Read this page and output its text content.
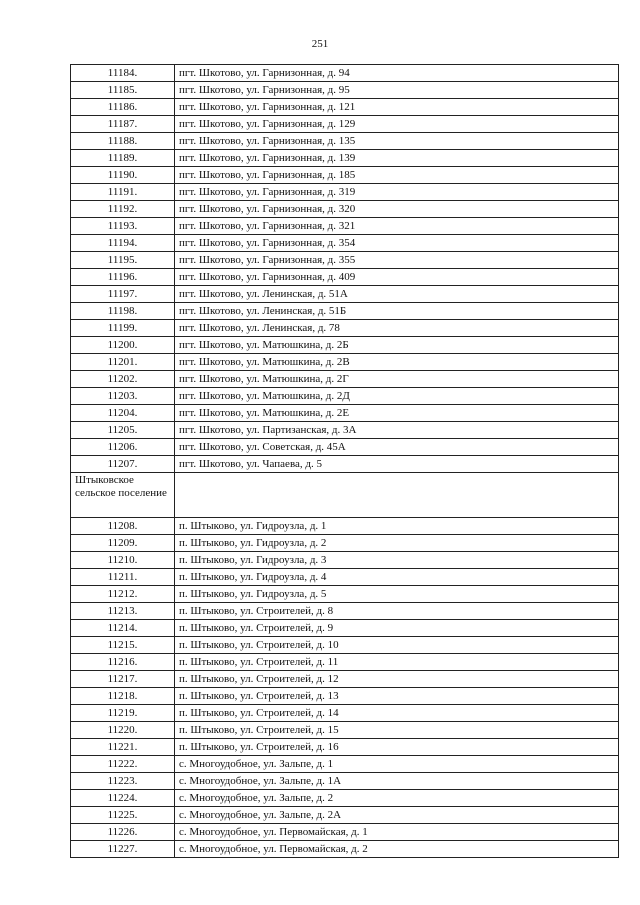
251
11184.	пгт. Шкотово, ул. Гарнизонная, д. 94
11185.	пгт. Шкотово, ул. Гарнизонная, д. 95
11186.	пгт. Шкотово, ул. Гарнизонная, д. 121
11187.	пгт. Шкотово, ул. Гарнизонная, д. 129
11188.	пгт. Шкотово, ул. Гарнизонная, д. 135
11189.	пгт. Шкотово, ул. Гарнизонная, д. 139
11190.	пгт. Шкотово, ул. Гарнизонная, д. 185
11191.	пгт. Шкотово, ул. Гарнизонная, д. 319
11192.	пгт. Шкотово, ул. Гарнизонная, д. 320
11193.	пгт. Шкотово, ул. Гарнизонная, д. 321
11194.	пгт. Шкотово, ул. Гарнизонная, д. 354
11195.	пгт. Шкотово, ул. Гарнизонная, д. 355
11196.	пгт. Шкотово, ул. Гарнизонная, д. 409
11197.	пгт. Шкотово, ул. Ленинская, д. 51А
11198.	пгт. Шкотово, ул. Ленинская, д. 51Б
11199.	пгт. Шкотово, ул. Ленинская, д. 78
11200.	пгт. Шкотово, ул. Матюшкина, д. 2Б
11201.	пгт. Шкотово, ул. Матюшкина, д. 2В
11202.	пгт. Шкотово, ул. Матюшкина, д. 2Г
11203.	пгт. Шкотово, ул. Матюшкина, д. 2Д
11204.	пгт. Шкотово, ул. Матюшкина, д. 2Е
11205.	пгт. Шкотово, ул. Партизанская, д. 3А
11206.	пгт. Шкотово, ул. Советская, д. 45А
11207.	пгт. Шкотово, ул. Чапаева, д. 5

Штыковское сельское поселение	

11208.	п. Штыково, ул. Гидроузла, д. 1
11209.	п. Штыково, ул. Гидроузла, д. 2
11210.	п. Штыково, ул. Гидроузла, д. 3
11211.	п. Штыково, ул. Гидроузла, д. 4
11212.	п. Штыково, ул. Гидроузла, д. 5
11213.	п. Штыково, ул. Строителей, д. 8
11214.	п. Штыково, ул. Строителей, д. 9
11215.	п. Штыково, ул. Строителей, д. 10
11216.	п. Штыково, ул. Строителей, д. 11
11217.	п. Штыково, ул. Строителей, д. 12
11218.	п. Штыково, ул. Строителей, д. 13
11219.	п. Штыково, ул. Строителей, д. 14
11220.	п. Штыково, ул. Строителей, д. 15
11221.	п. Штыково, ул. Строителей, д. 16
11222.	с. Многоудобное, ул. Зальпе, д. 1
11223.	с. Многоудобное, ул. Зальпе, д. 1А
11224.	с. Многоудобное, ул. Зальпе, д. 2
11225.	с. Многоудобное, ул. Зальпе, д. 2А
11226.	с. Многоудобное, ул. Первомайская, д. 1
11227.	с. Многоудобное, ул. Первомайская, д. 2
